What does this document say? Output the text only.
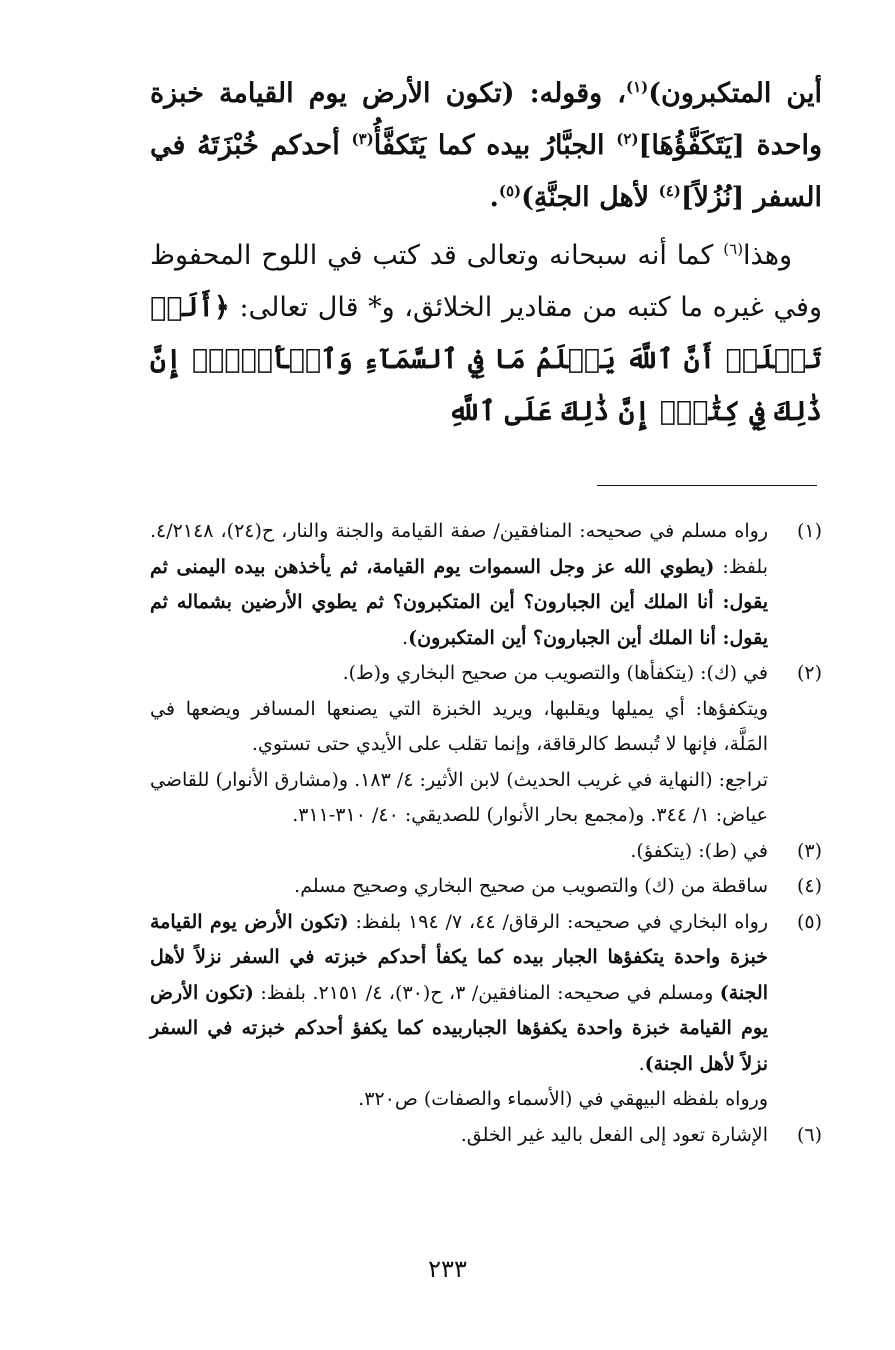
أين المتكبرون)$^{(١)}$، وقوله: (تكون الأرض يوم القيامة خبزة واحدة [يَتَكَفَّؤُهَا]$^{(٢)}$ الجبَّارُ بيده كما يَتَكفَّأُ$^{(٣)}$ أحدكم خُبْزَتَهُ في السفر [نُزُلاً]$^{(٤)}$ لأهل الجنَّةِ)$^{(٥)}$.

وهذا$^{(٦)}$ كما أنه سبحانه وتعالى قد كتب في اللوح المحفوظ وفي غيره ما كتبه من مقادير الخلائق، و* قال تعالى: ﴿أَلَمۡ تَعۡلَمۡ أَنَّ ٱللَّهَ يَعۡلَمُ مَا فِي ٱلسَّمَآءِ وَٱلۡأَرۡضِۗ إِنَّ ذَٰلِكَ فِي كِتَٰبٍۚ إِنَّ ذَٰلِكَ عَلَى ٱللَّهِ

(١)

رواه مسلم في صحيحه: المنافقين/ صفة القيامة والجنة والنار، ح(٢٤)، ٤/٢١٤٨. بلفظ: (يطوي الله عز وجل السموات يوم القيامة، ثم يأخذهن بيده اليمنى ثم يقول: أنا الملك أين الجبارون؟ أين المتكبرون؟ ثم يطوي الأرضين بشماله ثم يقول: أنا الملك أين الجبارون؟ أين المتكبرون).

(٢)

في (ك): (يتكفأها) والتصويب من صحيح البخاري و(ط).

ويتكفؤها: أي يميلها ويقلبها، ويريد الخبزة التي يصنعها المسافر ويضعها في المَلَّة، فإنها لا تُبسط كالرقاقة، وإنما تقلب على الأيدي حتى تستوي.

تراجع: (النهاية في غريب الحديث) لابن الأثير: ٤/ ١٨٣. و(مشارق الأنوار) للقاضي عياض: ١/ ٣٤٤. و(مجمع بحار الأنوار) للصديقي: ٤٠/ ٣١٠-٣١١.

(٣)

في (ط): (يتكفؤ).

(٤)

ساقطة من (ك) والتصويب من صحيح البخاري وصحيح مسلم.

(٥)

رواه البخاري في صحيحه: الرقاق/ ٤٤، ٧/ ١٩٤ بلفظ: (تكون الأرض يوم القيامة خبزة واحدة يتكفؤها الجبار بيده كما يكفأ أحدكم خبزته في السفر نزلاً لأهل الجنة) ومسلم في صحيحه: المنافقين/ ٣، ح(٣٠)، ٤/ ٢١٥١. بلفظ: (تكون الأرض يوم القيامة خبزة واحدة يكفؤها الجباربيده كما يكفؤ أحدكم خبزته في السفر نزلاً لأهل الجنة).

ورواه بلفظه البيهقي في (الأسماء والصفات) ص٣٢٠.

(٦)

الإشارة تعود إلى الفعل باليد غير الخلق.

٢٣٣
